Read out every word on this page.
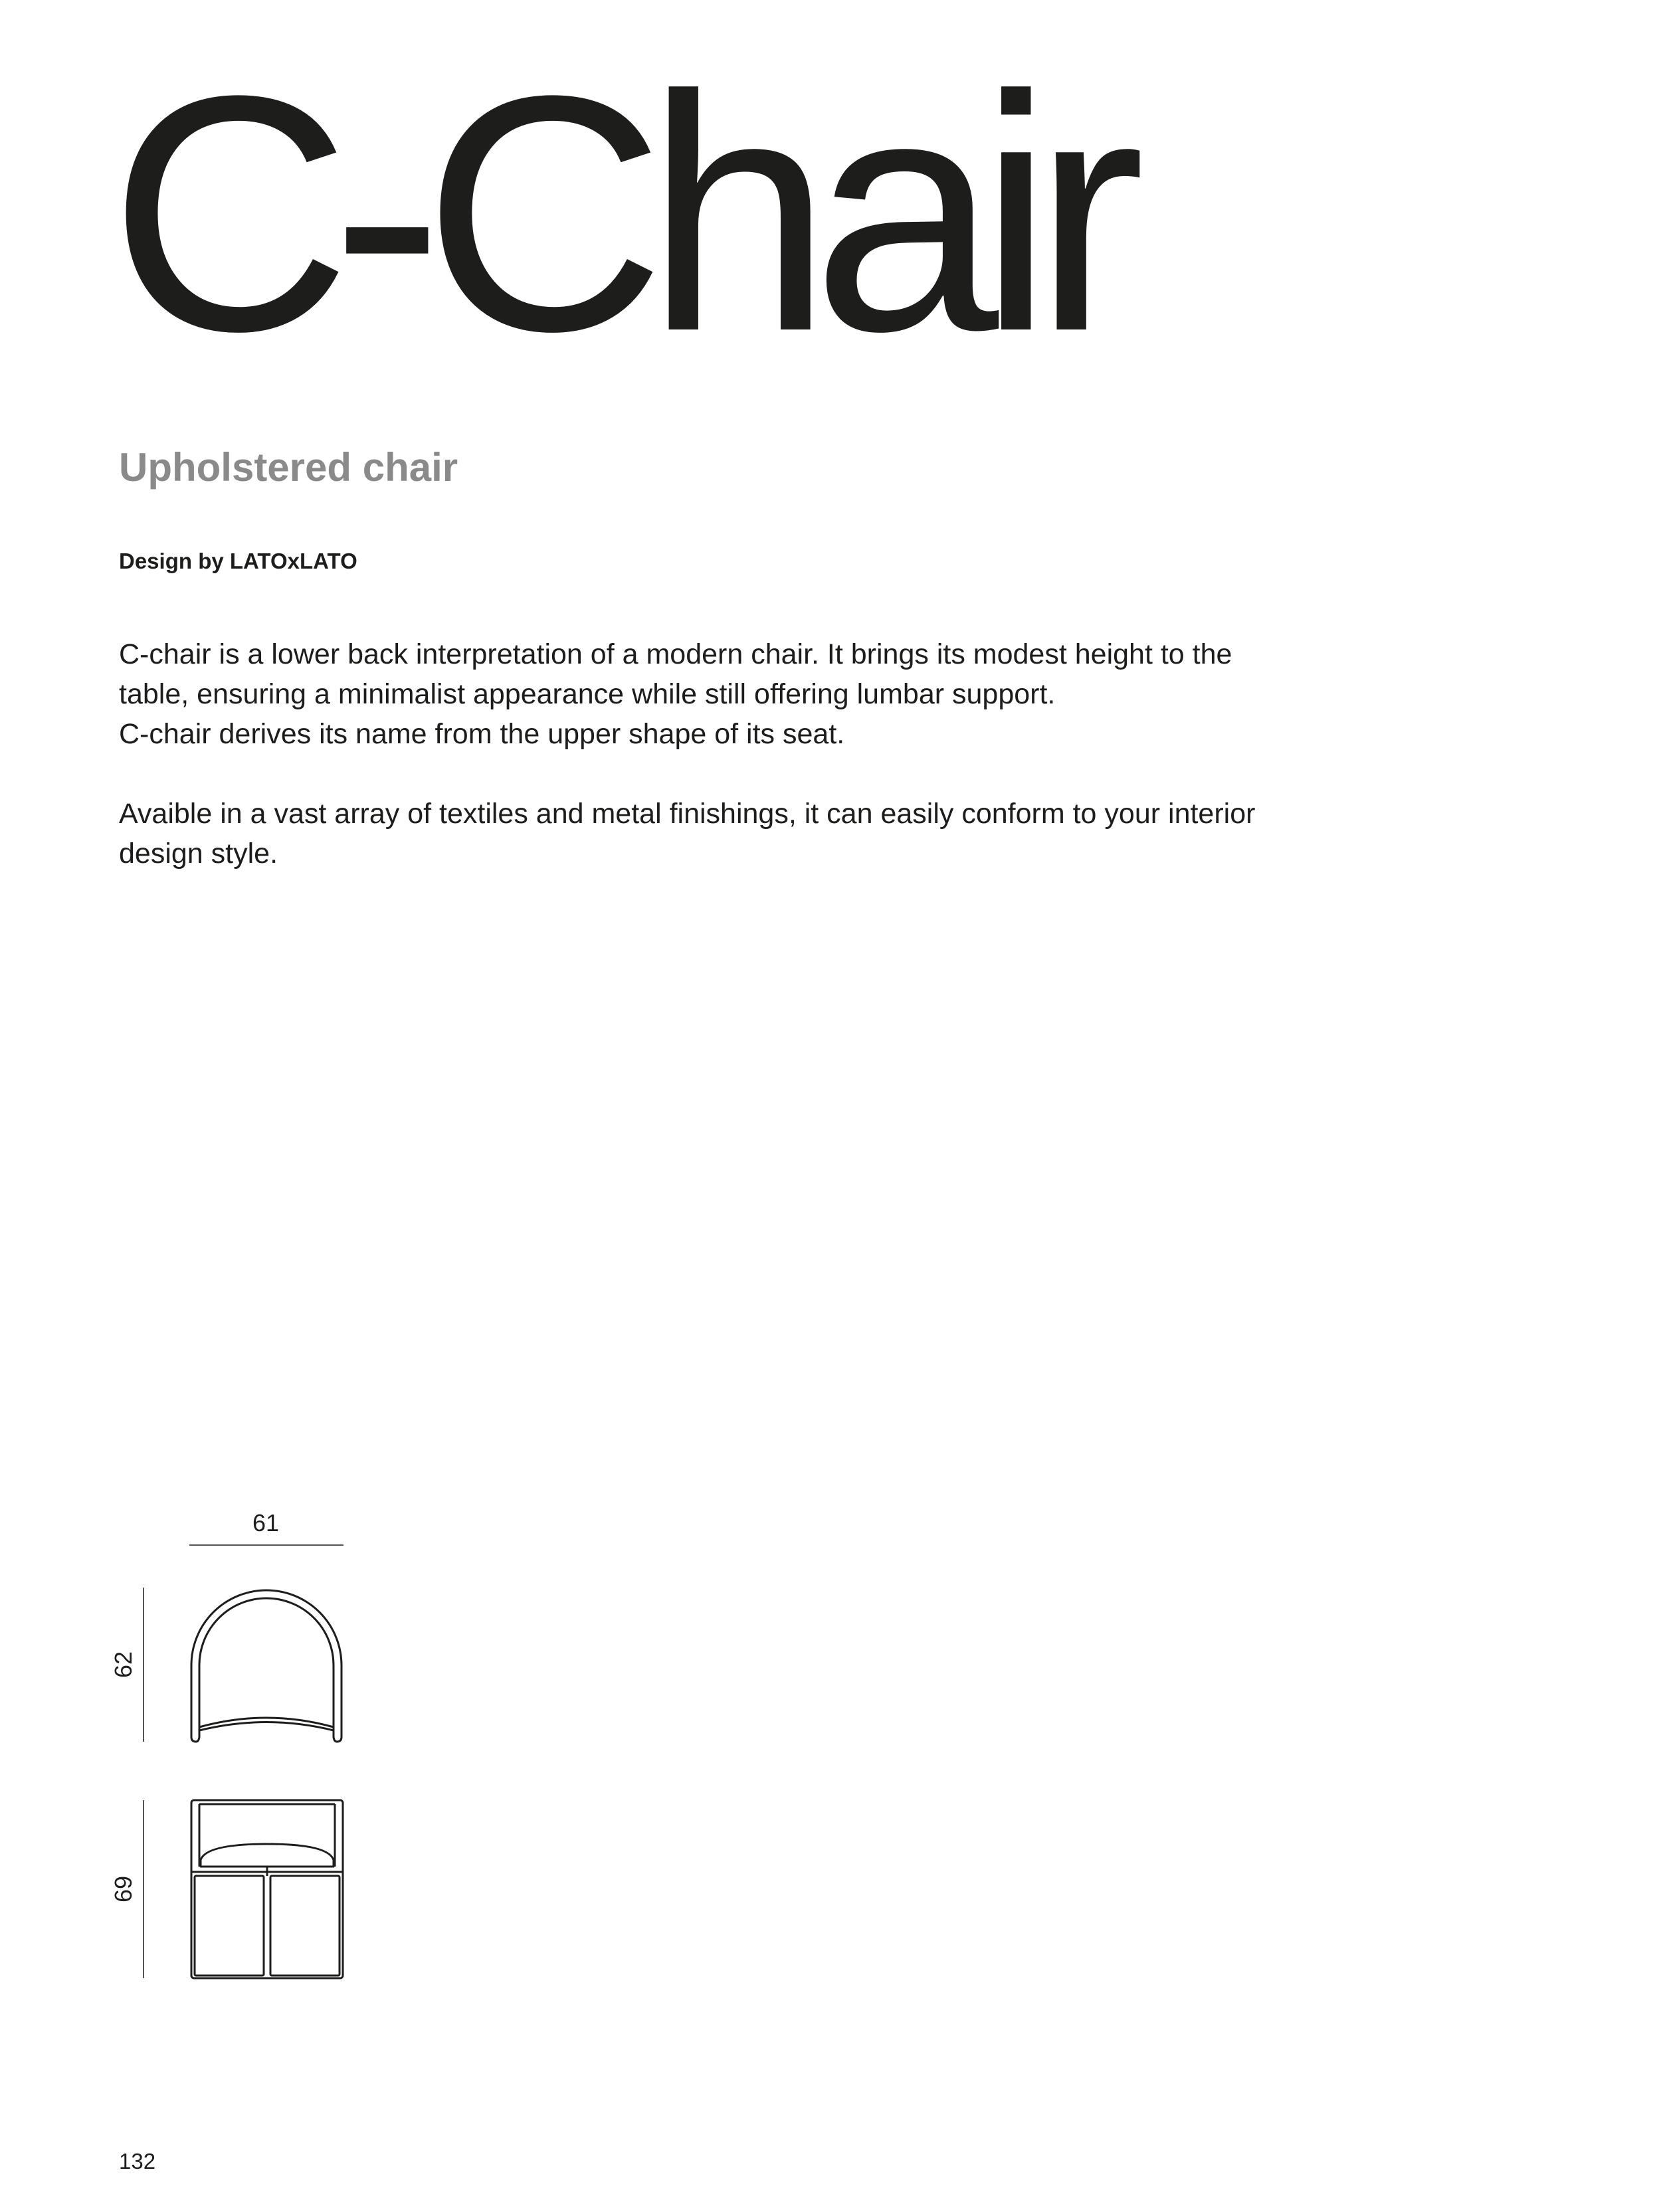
C-Chair
Upholstered chair
Design by LATOxLATO

C-chair is a lower back interpretation of a modern chair. It brings its modest height to the table, ensuring a minimalist appearance while still offering lumbar support.

C-chair derives its name from the upper shape of its seat.

Avaible in a vast array of textiles and metal finishings, it can easily conform to your interior design style.

61
62
69
132
